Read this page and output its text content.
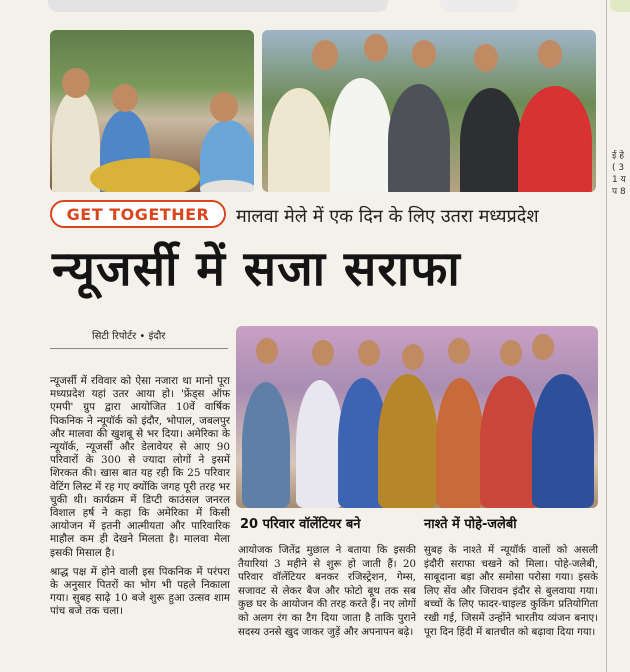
GET TOGETHER	मालवा मेले में एक दिन के लिए उतरा मध्यप्रदेश
न्यूजर्सी में सजा सराफा
सिटी रिपोर्टर • इंदौर

न्यूजर्सी में रविवार को ऐसा नजारा था मानो पूरा मध्यप्रदेश यहां उतर आया हो। 'फ्रेंड्स ऑफ एमपी' ग्रुप द्वारा आयोजित 10वें वार्षिक पिकनिक ने न्यूयॉर्क को इंदौर, भोपाल, जबलपुर और मालवा की खुशबू से भर दिया। अमेरिका के न्यूयॉर्क, न्यूजर्सी और डेलावेयर से आए 90 परिवारों के 300 से ज्यादा लोगों ने इसमें शिरकत की। खास बात यह रही कि 25 परिवार वेटिंग लिस्ट में रह गए क्योंकि जगह पूरी तरह भर चुकी थी। कार्यक्रम में डिप्टी काउंसल जनरल विशाल हर्ष ने कहा कि अमेरिका में किसी आयोजन में इतनी आत्मीयता और पारिवारिक माहौल कम ही देखने मिलता है। मालवा मेला इसकी मिसाल है।

श्राद्ध पक्ष में होने वाली इस पिकनिक में परंपरा के अनुसार पितरों का भोग भी पहले निकाला गया। सुबह साढ़े 10 बजे शुरू हुआ उत्सव शाम पांच बजे तक चला।

20 परिवार वॉलेंटियर बने
आयोजक जितेंद्र मुछाल ने बताया कि इसकी तैयारियां 3 महीने से शुरू हो जाती हैं। 20 परिवार वॉलेंटियर बनकर रजिस्ट्रेशन, गेम्स, सजावट से लेकर बैज और फोटो बूथ तक सब कुछ घर के आयोजन की तरह करते हैं। नए लोगों को अलग रंग का टैग दिया जाता है ताकि पुराने सदस्य उनसे खुद जाकर जुड़ें और अपनापन बढ़े।
नाश्ते में पोहे-जलेबी
सुबह के नाश्ते में न्यूयॉर्क वालों को असली इंदौरी सराफा चखने को मिला। पोहे-जलेबी, साबूदाना बड़ा और समोसा परोसा गया। इसके लिए सेंव और जिरावन इंदौर से बुलवाया गया। बच्चों के लिए फादर-चाइल्ड कुकिंग प्रतियोगिता रखी गई, जिसमें उन्होंने भारतीय व्यंजन बनाए। पूरा दिन हिंदी में बातचीत को बढ़ावा दिया गया।
ई हे ( 3 1 य प 8
